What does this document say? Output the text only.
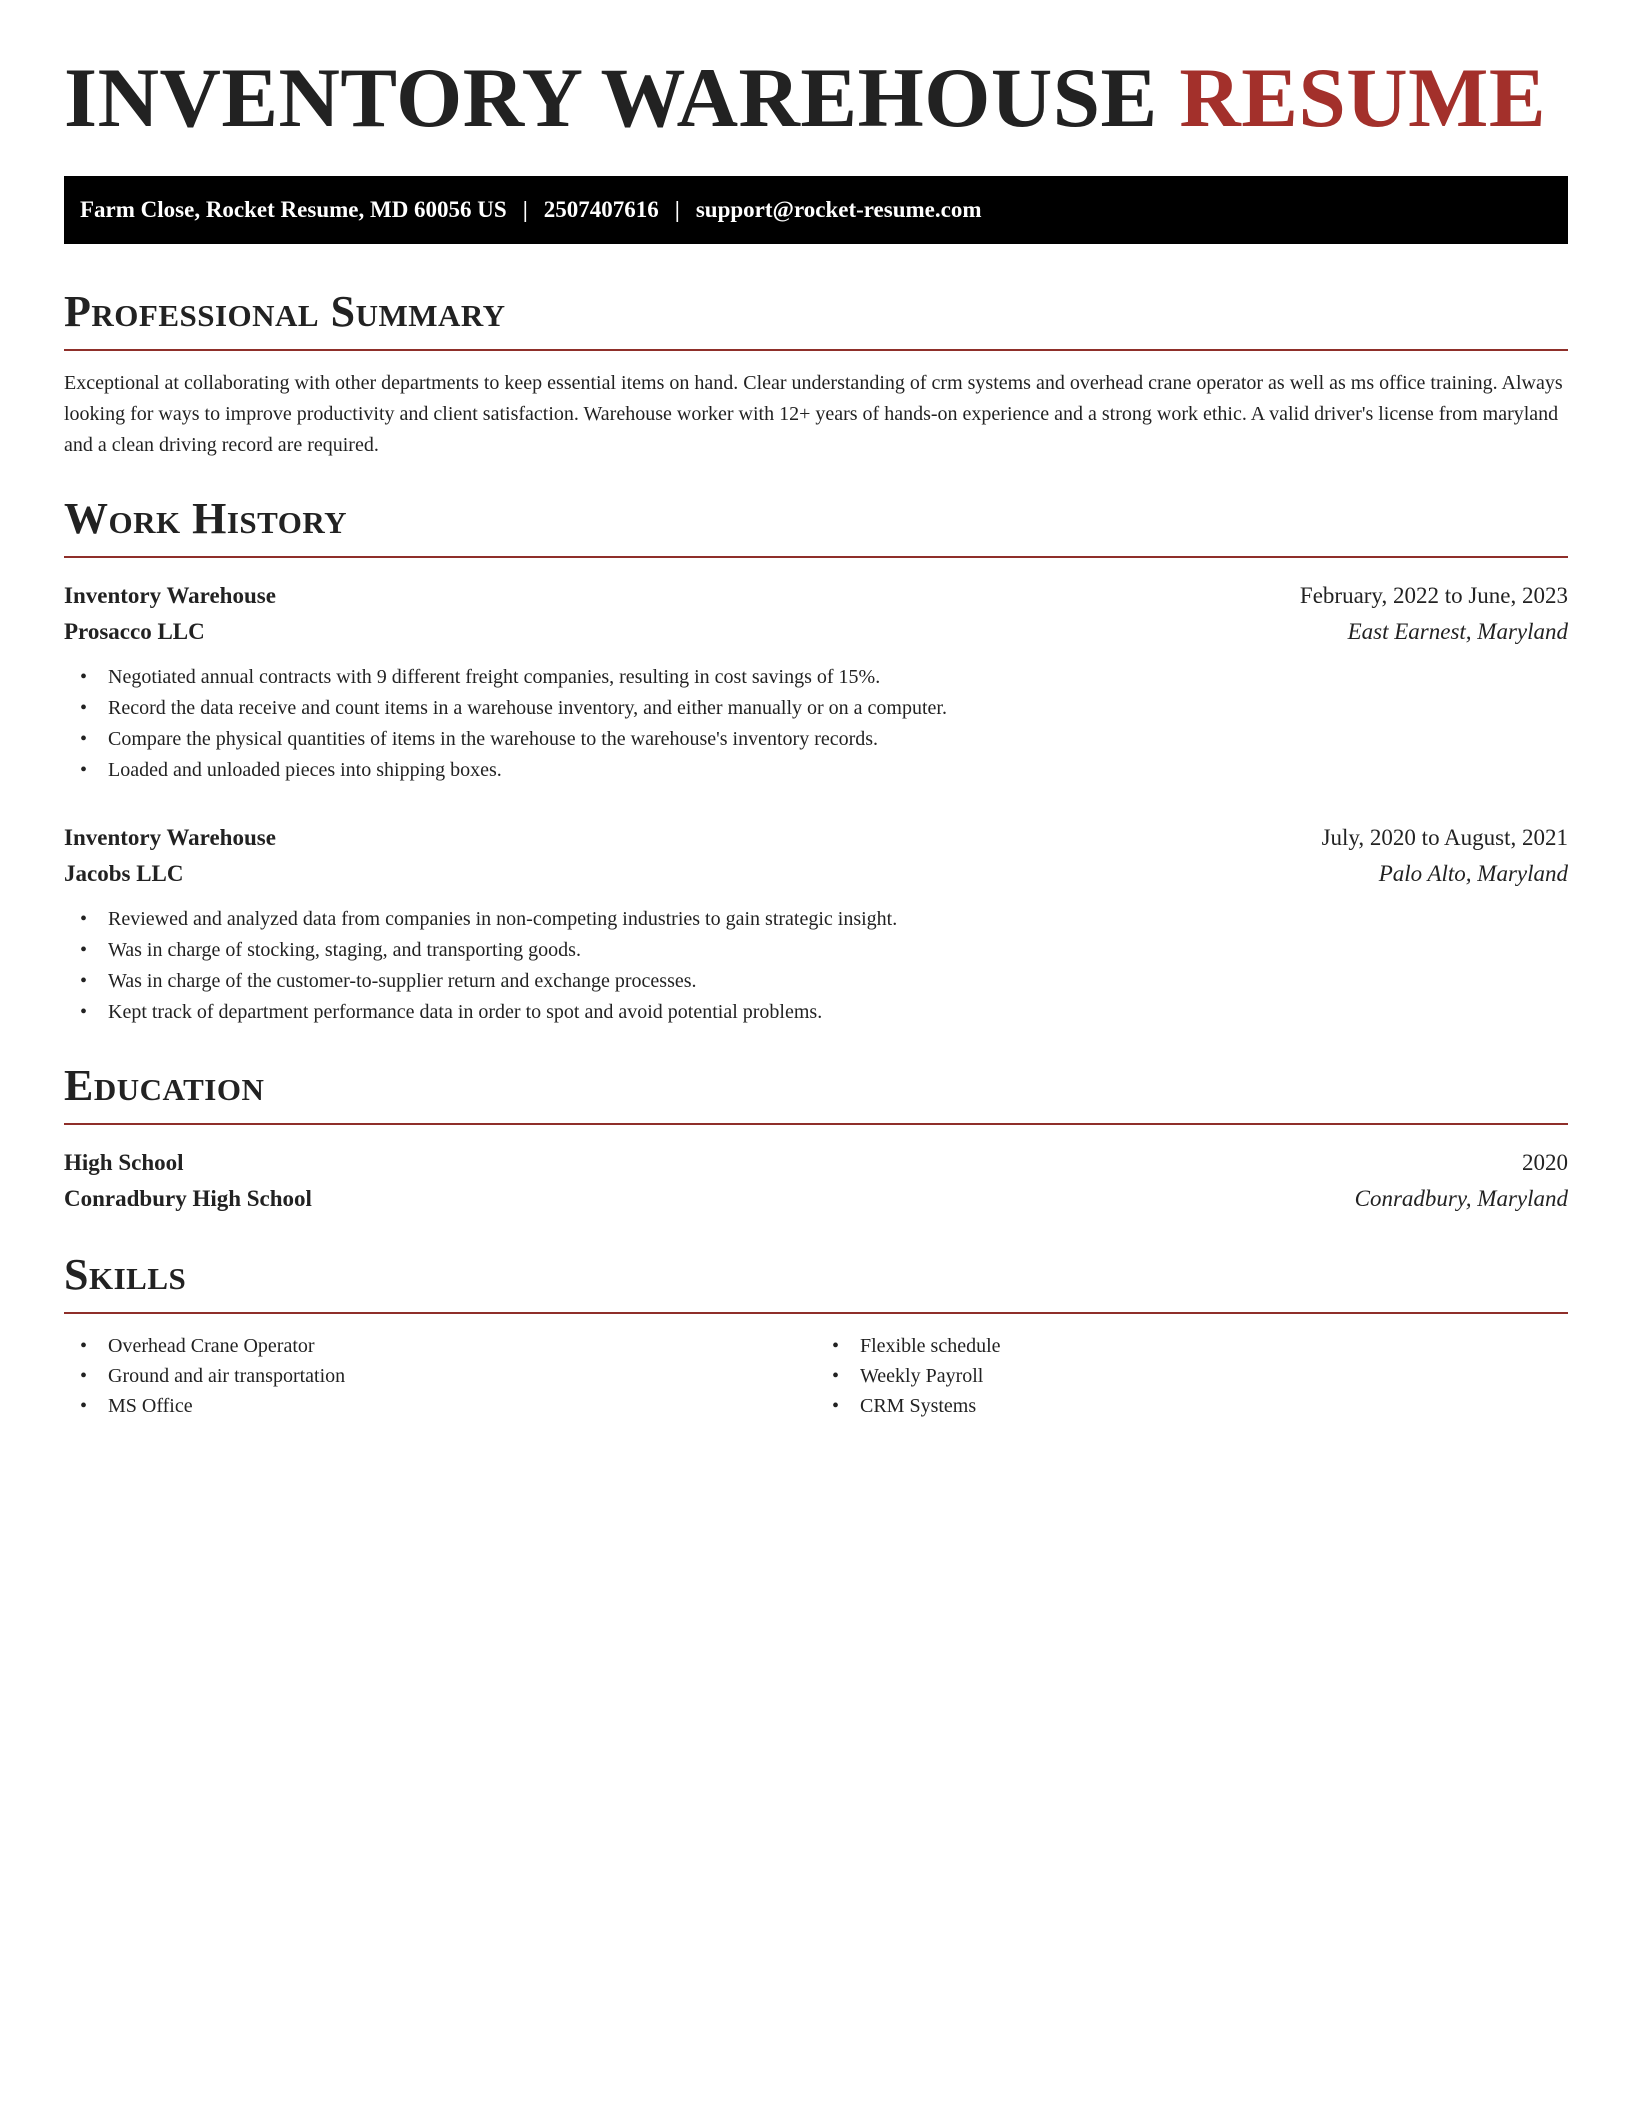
INVENTORY WAREHOUSE RESUME
Farm Close, Rocket Resume, MD 60056 US | 2507407616 | support@rocket-resume.com
Professional Summary

Exceptional at collaborating with other departments to keep essential items on hand. Clear understanding of crm systems and overhead crane operator as well as ms office training. Always looking for ways to improve productivity and client satisfaction. Warehouse worker with 12+ years of hands-on experience and a strong work ethic. A valid driver's license from maryland and a clean driving record are required.

Work History
Inventory Warehouse	February, 2022 to June, 2023
Prosacco LLC	East Earnest, Maryland
• Negotiated annual contracts with 9 different freight companies, resulting in cost savings of 15%.
• Record the data receive and count items in a warehouse inventory, and either manually or on a computer.
• Compare the physical quantities of items in the warehouse to the warehouse's inventory records.
• Loaded and unloaded pieces into shipping boxes.
Inventory Warehouse	July, 2020 to August, 2021
Jacobs LLC	Palo Alto, Maryland
• Reviewed and analyzed data from companies in non-competing industries to gain strategic insight.
• Was in charge of stocking, staging, and transporting goods.
• Was in charge of the customer-to-supplier return and exchange processes.
• Kept track of department performance data in order to spot and avoid potential problems.
Education
High School	2020
Conradbury High School	Conradbury, Maryland
Skills
• Overhead Crane Operator
• Ground and air transportation
• MS Office
• Flexible schedule
• Weekly Payroll
• CRM Systems
